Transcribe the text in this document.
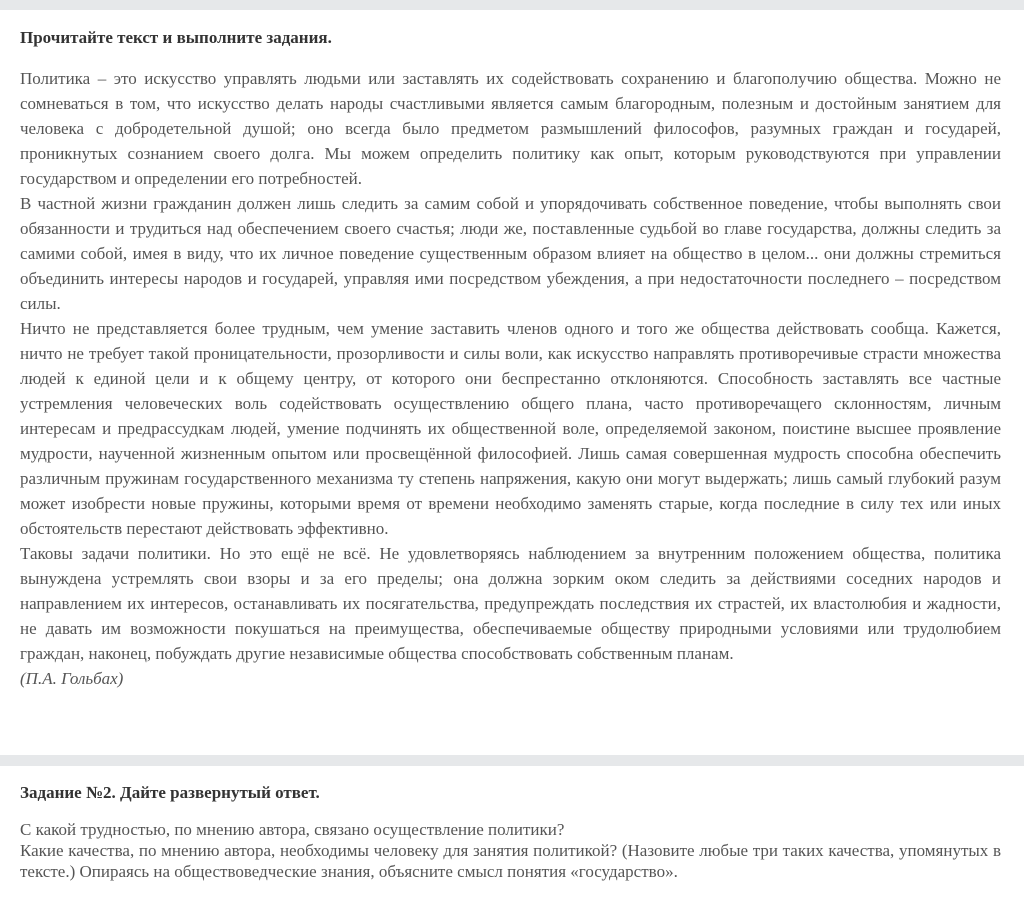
Прочитайте текст и выполните задания.

Политика – это искусство управлять людьми или заставлять их содействовать сохранению и благополучию общества. Можно не сомневаться в том, что искусство делать народы счастливыми является самым благородным, полезным и достойным занятием для человека с добродетельной душой; оно всегда было предметом размышлений философов, разумных граждан и государей, проникнутых сознанием своего долга. Мы можем определить политику как опыт, которым руководствуются при управлении государством и определении его потребностей.

В частной жизни гражданин должен лишь следить за самим собой и упорядочивать собственное поведение, чтобы выполнять свои обязанности и трудиться над обеспечением своего счастья; люди же, поставленные судьбой во главе государства, должны следить за самими собой, имея в виду, что их личное поведение существенным образом влияет на общество в целом... они должны стремиться объединить интересы народов и государей, управляя ими посредством убеждения, а при недостаточности последнего – посредством силы.

Ничто не представляется более трудным, чем умение заставить членов одного и того же общества действовать сообща. Кажется, ничто не требует такой проницательности, прозорливости и силы воли, как искусство направлять противоречивые страсти множества людей к единой цели и к общему центру, от которого они беспрестанно отклоняются. Способность заставлять все частные устремления человеческих воль содействовать осуществлению общего плана, часто противоречащего склонностям, личным интересам и предрассудкам людей, умение подчинять их общественной воле, определяемой законом, поистине высшее проявление мудрости, наученной жизненным опытом или просвещённой философией. Лишь самая совершенная мудрость способна обеспечить различным пружинам государственного механизма ту степень напряжения, какую они могут выдержать; лишь самый глубокий разум может изобрести новые пружины, которыми время от времени необходимо заменять старые, когда последние в силу тех или иных обстоятельств перестают действовать эффективно.

Таковы задачи политики. Но это ещё не всё. Не удовлетворяясь наблюдением за внутренним положением общества, политика вынуждена устремлять свои взоры и за его пределы; она должна зорким оком следить за действиями соседних народов и направлением их интересов, останавливать их посягательства, предупреждать последствия их страстей, их властолюбия и жадности, не давать им возможности покушаться на преимущества, обеспечиваемые обществу природными условиями или трудолюбием граждан, наконец, побуждать другие независимые общества способствовать собственным планам.

(П.А. Гольбах)

Задание №2. Дайте развернутый ответ.

С какой трудностью, по мнению автора, связано осуществление политики?

Какие качества, по мнению автора, необходимы человеку для занятия политикой? (Назовите любые три таких качества, упомянутых в тексте.) Опираясь на обществоведческие знания, объясните смысл понятия «государство».
